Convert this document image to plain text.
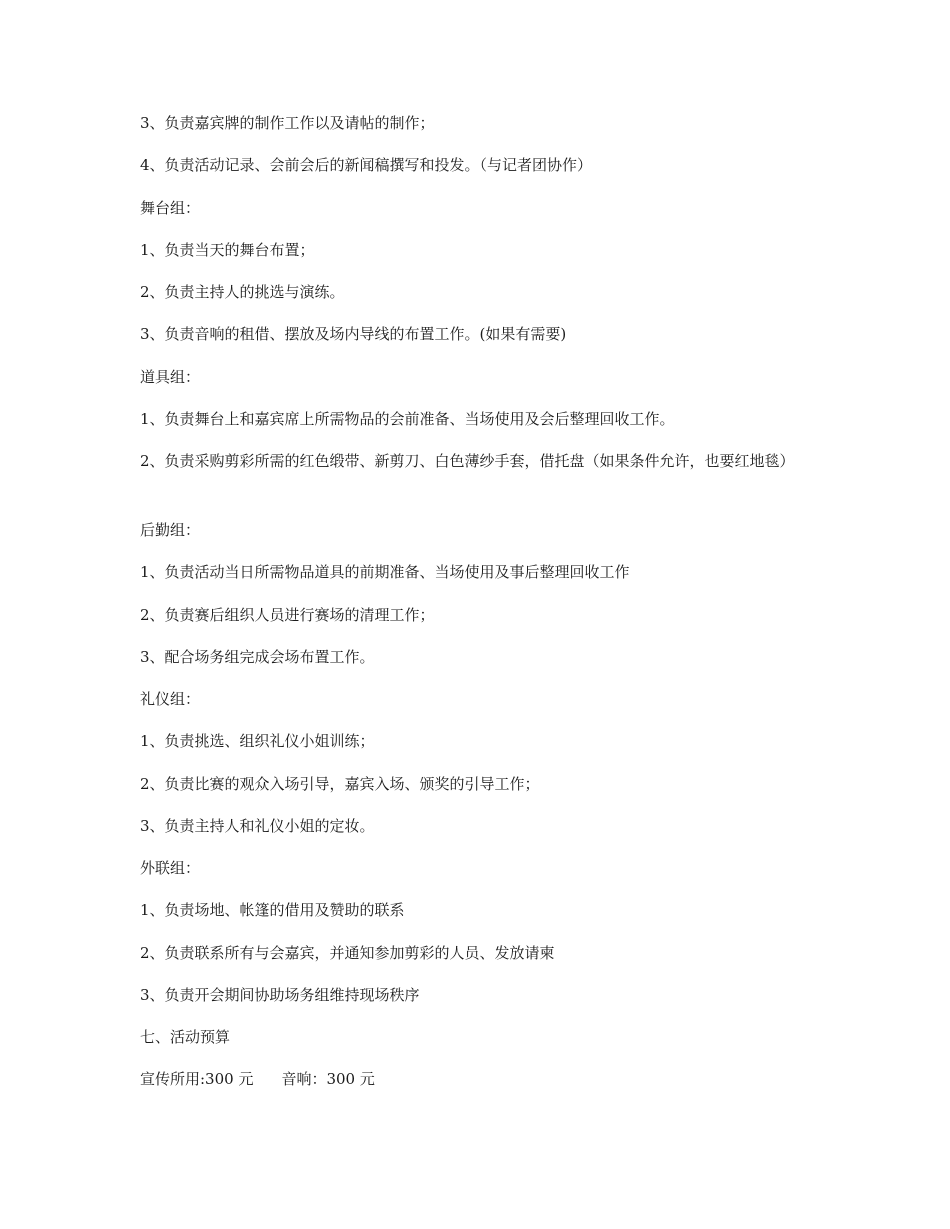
3、负责嘉宾牌的制作工作以及请帖的制作；

4、负责活动记录、会前会后的新闻稿撰写和投发。（与记者团协作）

舞台组：

1、负责当天的舞台布置；

2、负责主持人的挑选与演练。

3、负责音响的租借、摆放及场内导线的布置工作。(如果有需要)

道具组：

1、负责舞台上和嘉宾席上所需物品的会前准备、当场使用及会后整理回收工作。

2、负责采购剪彩所需的红色缎带、新剪刀、白色薄纱手套，借托盘（如果条件允许，也要红地毯）

后勤组：

1、负责活动当日所需物品道具的前期准备、当场使用及事后整理回收工作

2、负责赛后组织人员进行赛场的清理工作；

3、配合场务组完成会场布置工作。

礼仪组：

1、负责挑选、组织礼仪小姐训练；

2、负责比赛的观众入场引导，嘉宾入场、颁奖的引导工作；

3、负责主持人和礼仪小姐的定妆。

外联组：

1、负责场地、帐篷的借用及赞助的联系

2、负责联系所有与会嘉宾，并通知参加剪彩的人员、发放请柬

3、负责开会期间协助场务组维持现场秩序

七、活动预算

宣传所用:300 元 音响：300 元
